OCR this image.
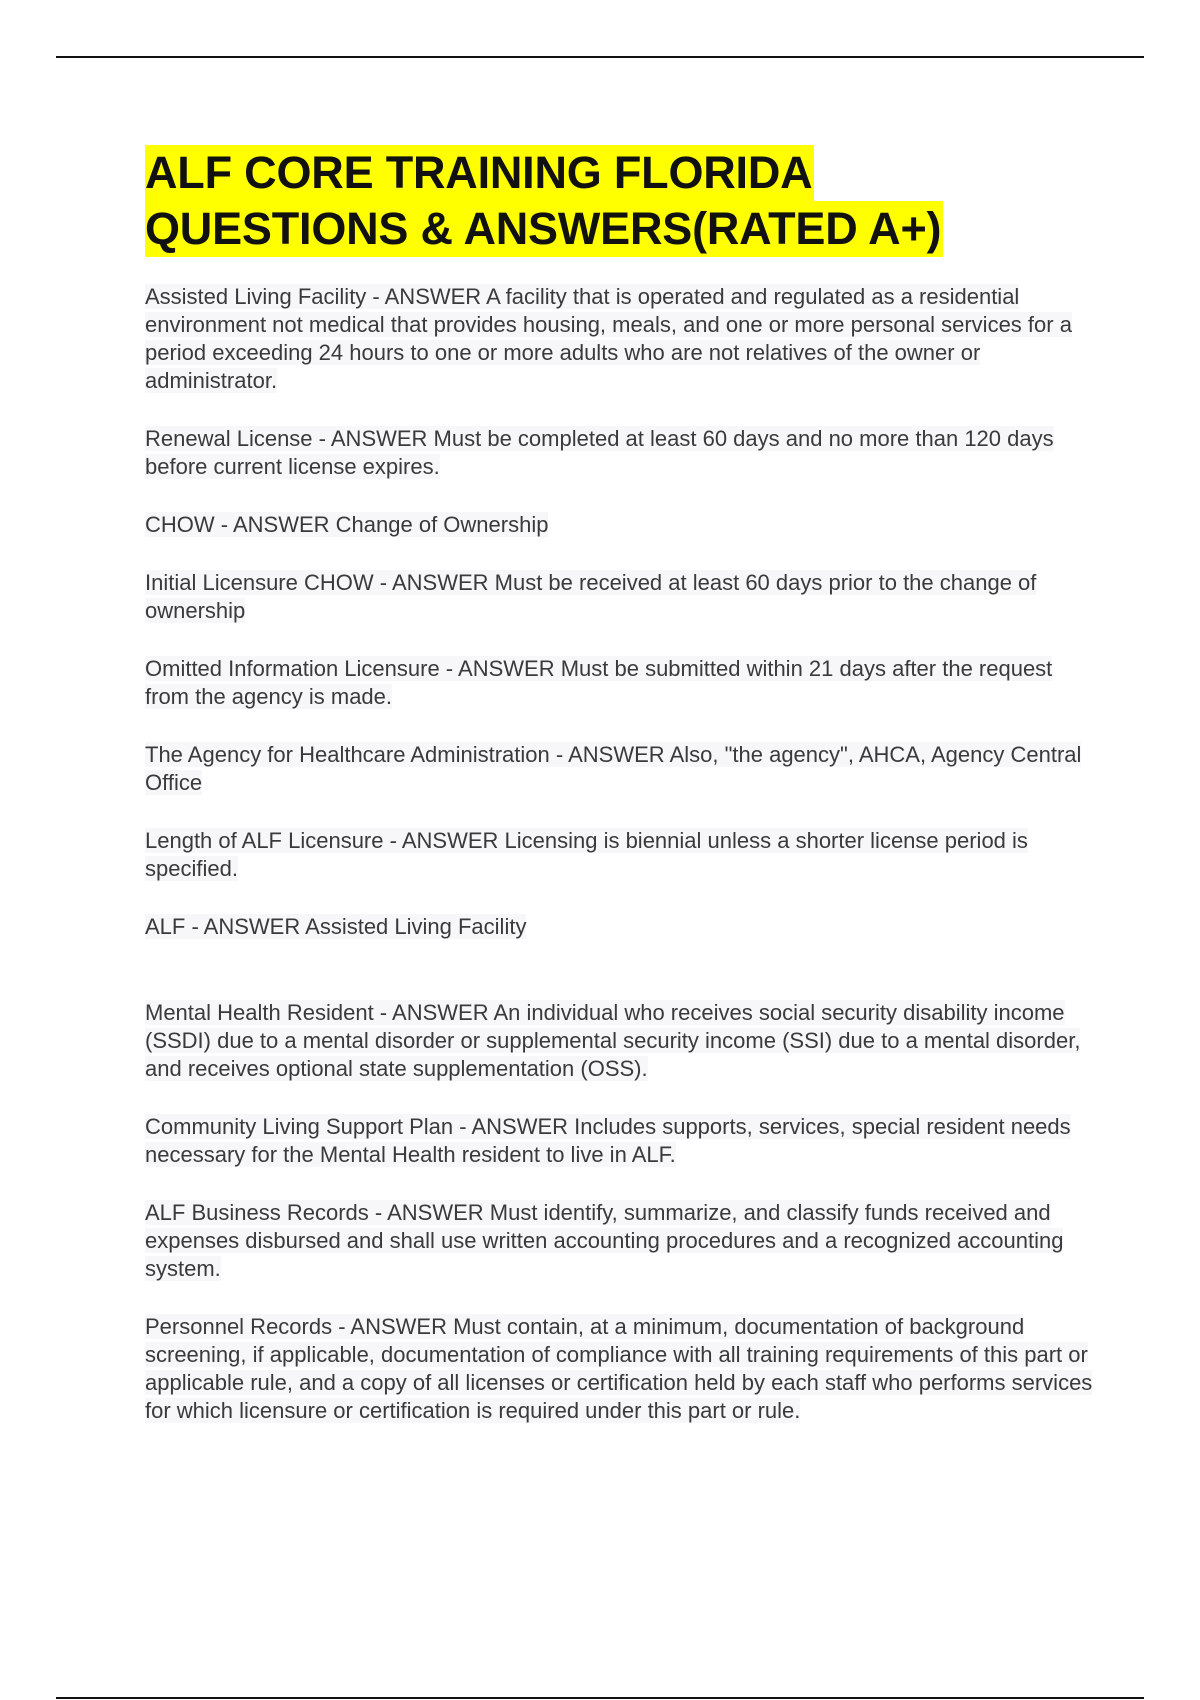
ALF CORE TRAINING FLORIDA
QUESTIONS & ANSWERS(RATED A+)

Assisted Living Facility - ANSWER A facility that is operated and regulated as a residential environment not medical that provides housing, meals, and one or more personal services for a period exceeding 24 hours to one or more adults who are not relatives of the owner or administrator.

Renewal License - ANSWER Must be completed at least 60 days and no more than 120 days before current license expires.

CHOW - ANSWER Change of Ownership

Initial Licensure CHOW - ANSWER Must be received at least 60 days prior to the change of ownership

Omitted Information Licensure - ANSWER Must be submitted within 21 days after the request from the agency is made.

The Agency for Healthcare Administration - ANSWER Also, "the agency", AHCA, Agency Central Office

Length of ALF Licensure - ANSWER Licensing is biennial unless a shorter license period is specified.

ALF - ANSWER Assisted Living Facility

Mental Health Resident - ANSWER An individual who receives social security disability income (SSDI) due to a mental disorder or supplemental security income (SSI) due to a mental disorder, and receives optional state supplementation (OSS).

Community Living Support Plan - ANSWER Includes supports, services, special resident needs necessary for the Mental Health resident to live in ALF.

ALF Business Records - ANSWER Must identify, summarize, and classify funds received and expenses disbursed and shall use written accounting procedures and a recognized accounting system.

Personnel Records - ANSWER Must contain, at a minimum, documentation of background screening, if applicable, documentation of compliance with all training requirements of this part or applicable rule, and a copy of all licenses or certification held by each staff who performs services for which licensure or certification is required under this part or rule.
